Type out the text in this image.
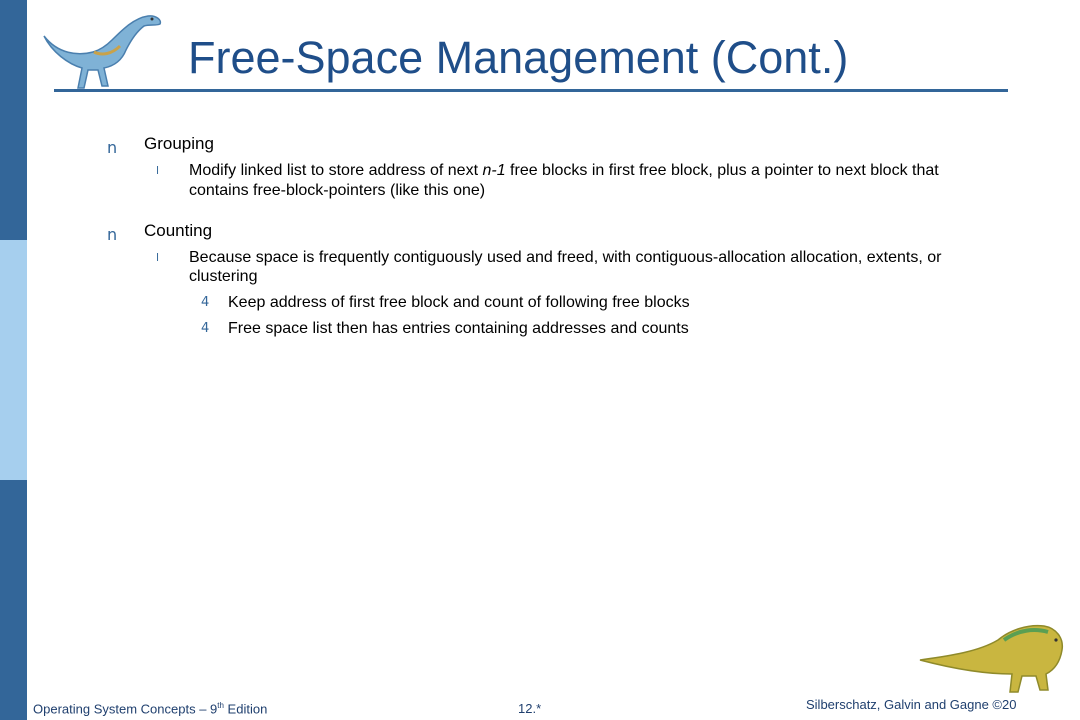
Free-Space Management (Cont.)
n Grouping
l Modify linked list to store address of next n-1 free blocks in first free block, plus a pointer to next block that
contains free-block-pointers (like this one)
n Counting
l Because space is frequently contiguously used and freed, with contiguous-allocation allocation, extents, or
clustering
4 Keep address of first free block and count of following free blocks
4 Free space list then has entries containing addresses and counts
Operating System Concepts – 9th Edition	12.*	Silberschatz, Galvin and Gagne ©20
